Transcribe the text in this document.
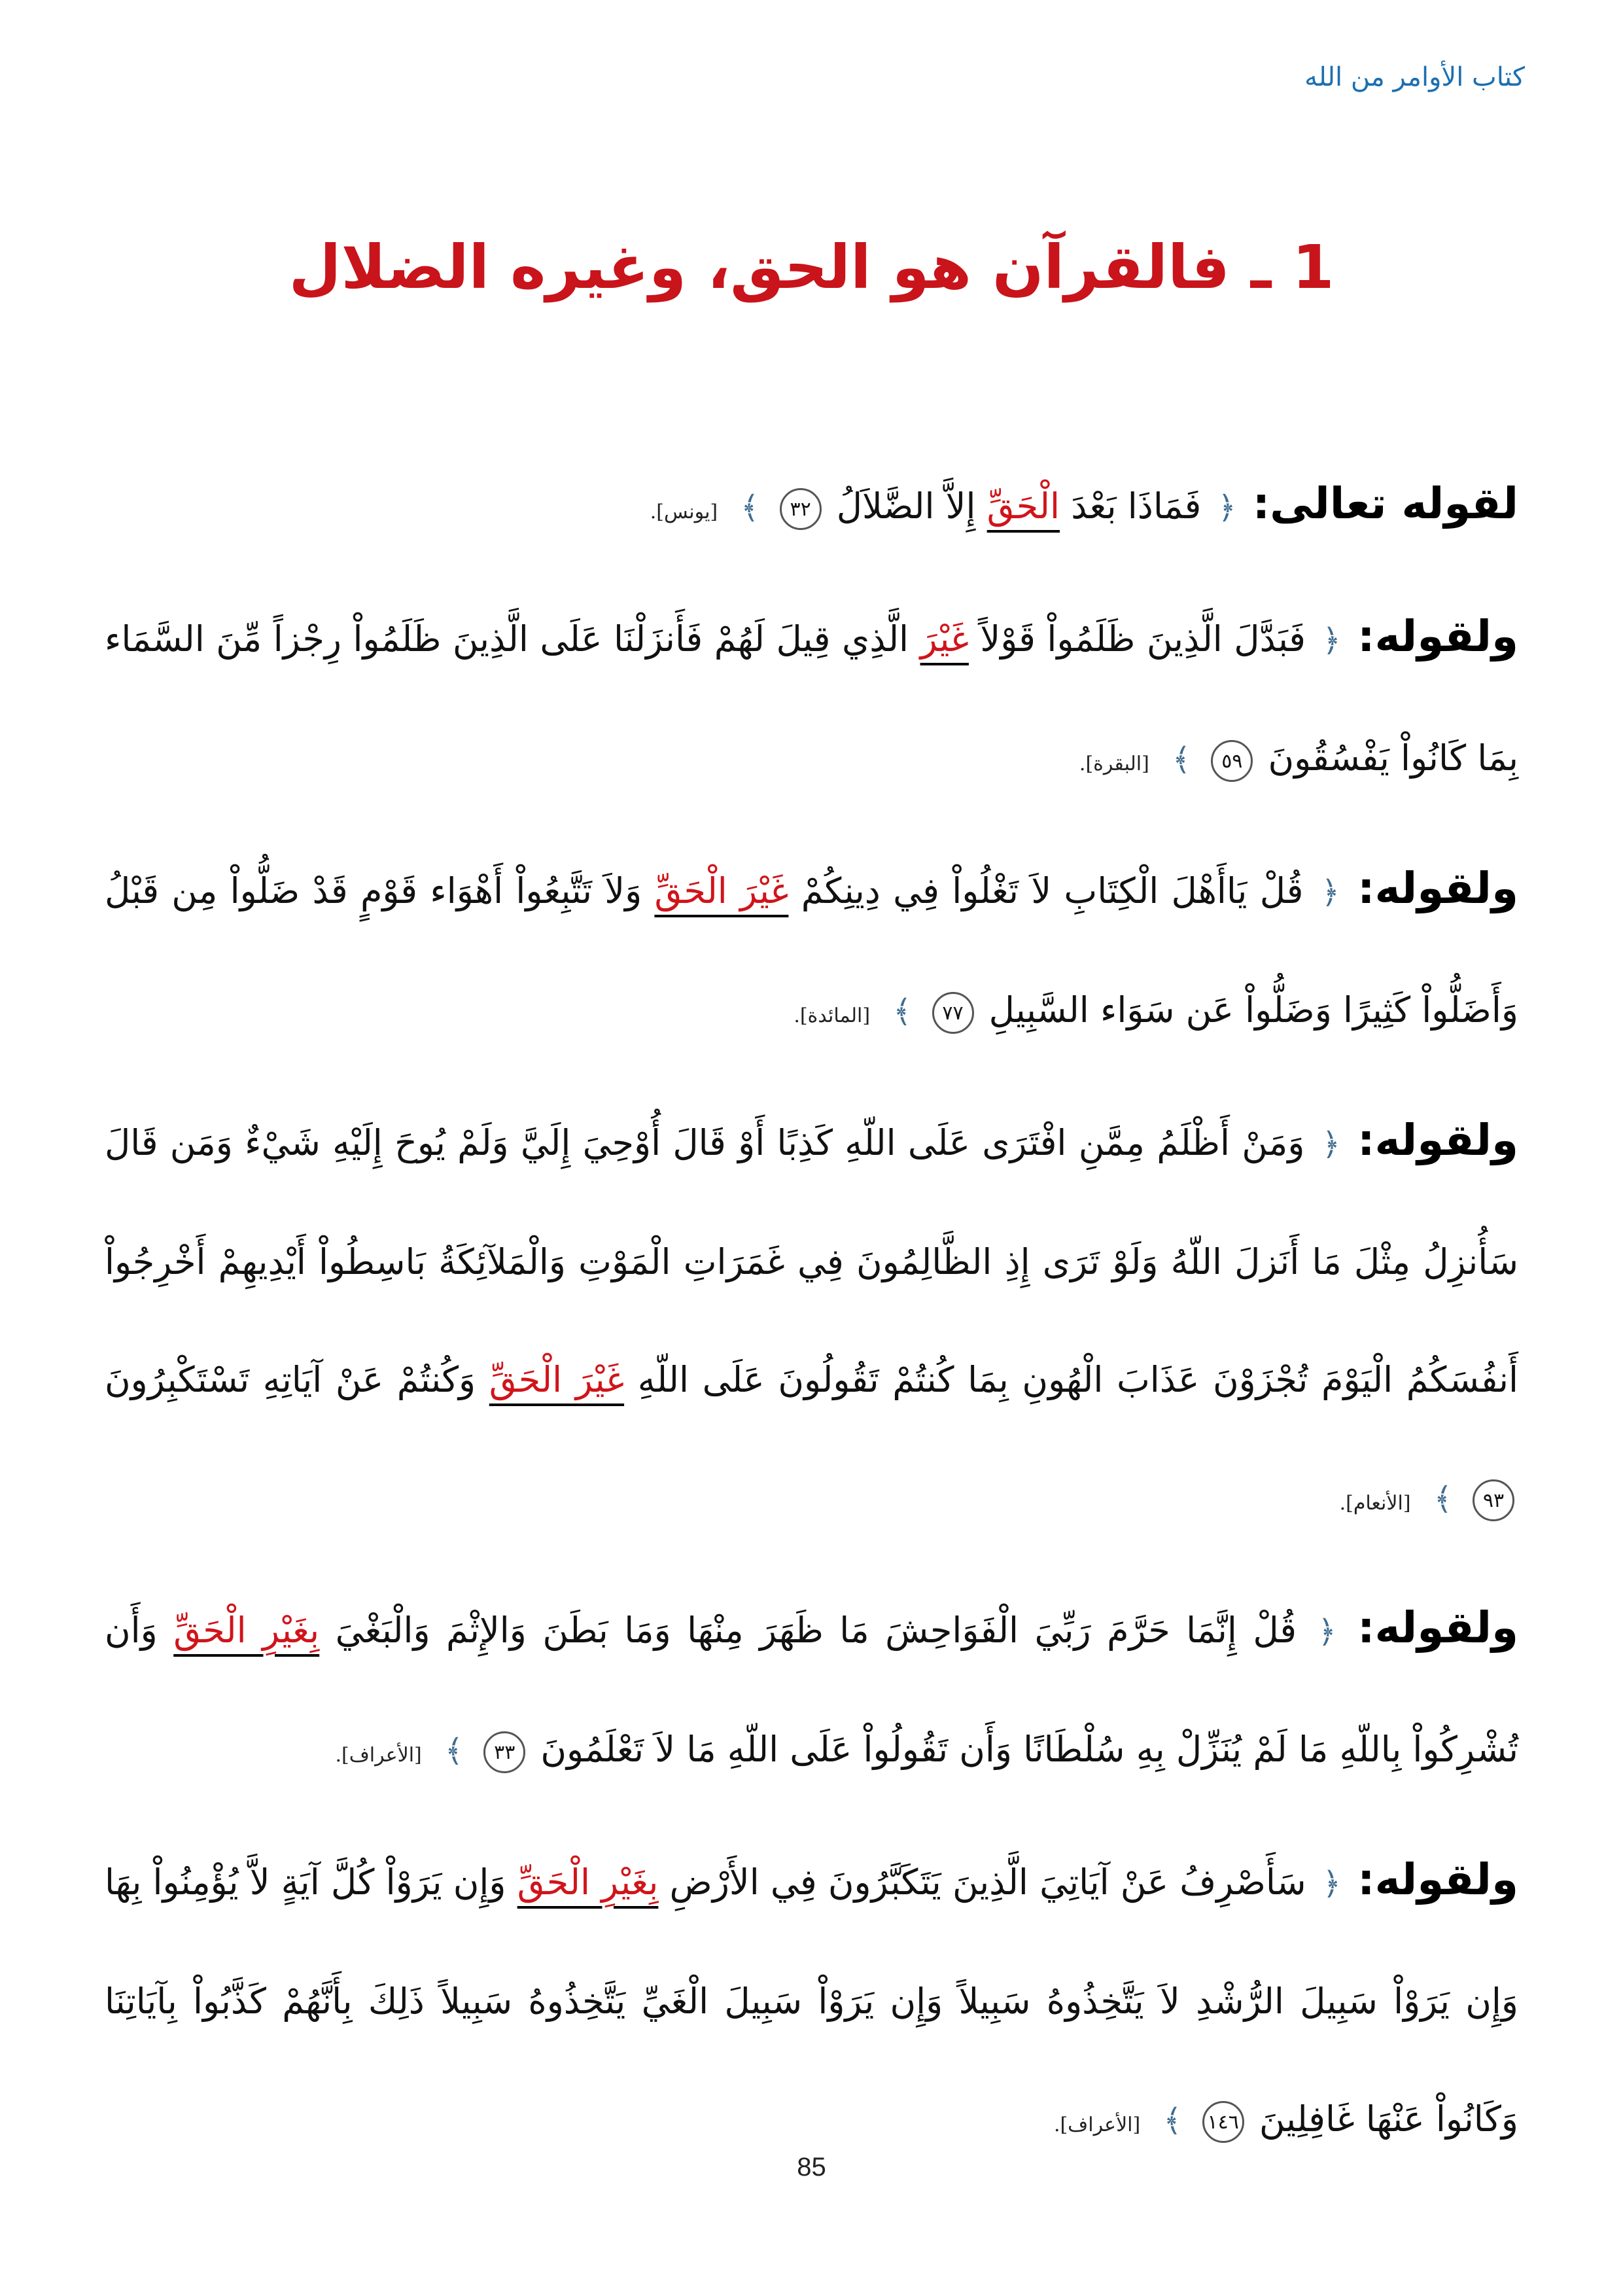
كتاب الأوامر من الله
1 ـ فالقرآن هو الحق، وغيره الضلال

لقوله تعالى: ﴿ فَمَاذَا بَعْدَ الْحَقِّ إِلاَّ الضَّلاَلُ ٣٢ ﴾ [يونس].

ولقوله: ﴿ فَبَدَّلَ الَّذِينَ ظَلَمُواْ قَوْلاً غَيْرَ الَّذِي قِيلَ لَهُمْ فَأَنزَلْنَا عَلَى الَّذِينَ ظَلَمُواْ رِجْزاً مِّنَ السَّمَاء بِمَا كَانُواْ يَفْسُقُونَ ٥٩ ﴾ [البقرة].

ولقوله: ﴿ قُلْ يَاأَهْلَ الْكِتَابِ لاَ تَغْلُواْ فِي دِينِكُمْ غَيْرَ الْحَقِّ وَلاَ تَتَّبِعُواْ أَهْوَاء قَوْمٍ قَدْ ضَلُّواْ مِن قَبْلُ وَأَضَلُّواْ كَثِيرًا وَضَلُّواْ عَن سَوَاء السَّبِيلِ ٧٧ ﴾ [المائدة].

ولقوله: ﴿ وَمَنْ أَظْلَمُ مِمَّنِ افْتَرَى عَلَى اللّهِ كَذِبًا أَوْ قَالَ أُوْحِيَ إِلَيَّ وَلَمْ يُوحَ إِلَيْهِ شَيْءٌ وَمَن قَالَ سَأُنزِلُ مِثْلَ مَا أَنَزلَ اللّهُ وَلَوْ تَرَى إِذِ الظَّالِمُونَ فِي غَمَرَاتِ الْمَوْتِ وَالْمَلآئِكَةُ بَاسِطُواْ أَيْدِيهِمْ أَخْرِجُواْ أَنفُسَكُمُ الْيَوْمَ تُجْزَوْنَ عَذَابَ الْهُونِ بِمَا كُنتُمْ تَقُولُونَ عَلَى اللّهِ غَيْرَ الْحَقِّ وَكُنتُمْ عَنْ آيَاتِهِ تَسْتَكْبِرُونَ ٩٣ ﴾ [الأنعام].

ولقوله: ﴿ قُلْ إِنَّمَا حَرَّمَ رَبِّيَ الْفَوَاحِشَ مَا ظَهَرَ مِنْهَا وَمَا بَطَنَ وَالإِثْمَ وَالْبَغْيَ بِغَيْرِ الْحَقِّ وَأَن تُشْرِكُواْ بِاللّهِ مَا لَمْ يُنَزِّلْ بِهِ سُلْطَانًا وَأَن تَقُولُواْ عَلَى اللّهِ مَا لاَ تَعْلَمُونَ ٣٣ ﴾ [الأعراف].

ولقوله: ﴿ سَأَصْرِفُ عَنْ آيَاتِيَ الَّذِينَ يَتَكَبَّرُونَ فِي الأَرْضِ بِغَيْرِ الْحَقِّ وَإِن يَرَوْاْ كُلَّ آيَةٍ لاَّ يُؤْمِنُواْ بِهَا وَإِن يَرَوْاْ سَبِيلَ الرُّشْدِ لاَ يَتَّخِذُوهُ سَبِيلاً وَإِن يَرَوْاْ سَبِيلَ الْغَيِّ يَتَّخِذُوهُ سَبِيلاً ذَلِكَ بِأَنَّهُمْ كَذَّبُواْ بِآيَاتِنَا وَكَانُواْ عَنْهَا غَافِلِينَ ١٤٦ ﴾ [الأعراف].

85
